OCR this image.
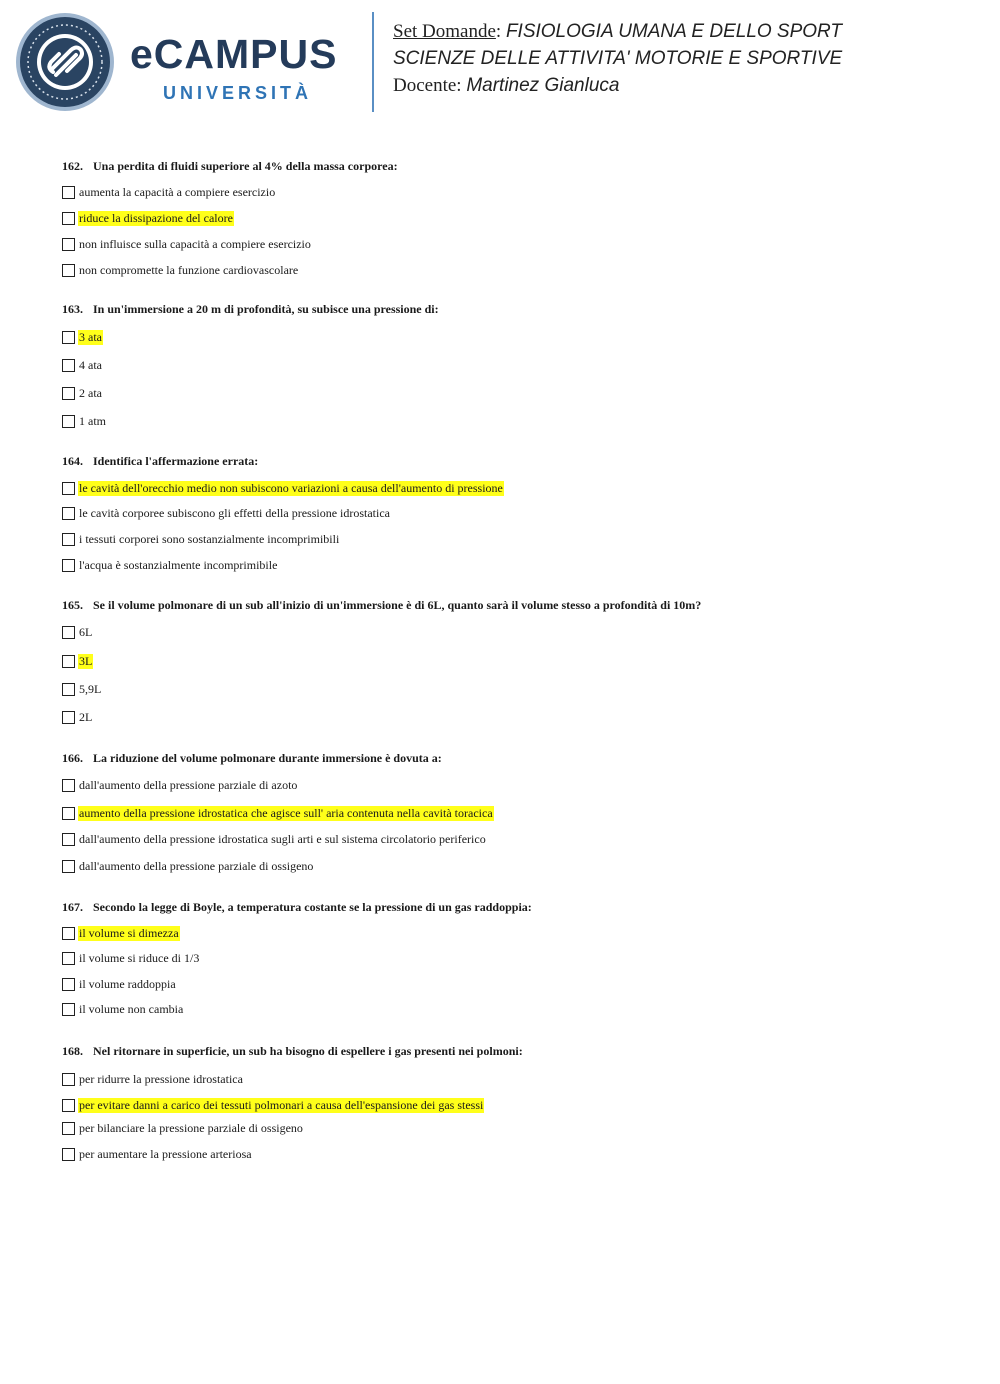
eCAMPUS
UNIVERSITÀ
Set Domande: FISIOLOGIA UMANA E DELLO SPORT
SCIENZE DELLE ATTIVITA' MOTORIE E SPORTIVE
Docente: Martinez Gianluca
162. Una perdita di fluidi superiore al 4% della massa corporea:
aumenta la capacità a compiere esercizio
riduce la dissipazione del calore
non influisce sulla capacità a compiere esercizio
non compromette la funzione cardiovascolare
163. In un'immersione a 20 m di profondità, su subisce una pressione di:
3 ata
4 ata
2 ata
1 atm
164. Identifica l'affermazione errata:
le cavità dell'orecchio medio non subiscono variazioni a causa dell'aumento di pressione
le cavità corporee subiscono gli effetti della pressione idrostatica
i tessuti corporei sono sostanzialmente incomprimibili
l'acqua è sostanzialmente incomprimibile
165. Se il volume polmonare di un sub all'inizio di un'immersione è di 6L, quanto sarà il volume stesso a profondità di 10m?
6L
3L
5,9L
2L
166. La riduzione del volume polmonare durante immersione è dovuta a:
dall'aumento della pressione parziale di azoto
aumento della pressione idrostatica che agisce sull' aria contenuta nella cavità toracica
dall'aumento della pressione idrostatica sugli arti e sul sistema circolatorio periferico
dall'aumento della pressione parziale di ossigeno
167. Secondo la legge di Boyle, a temperatura costante se la pressione di un gas raddoppia:
il volume si dimezza
il volume si riduce di 1/3
il volume raddoppia
il volume non cambia
168. Nel ritornare in superficie, un sub ha bisogno di espellere i gas presenti nei polmoni:
per ridurre la pressione idrostatica
per evitare danni a carico dei tessuti polmonari a causa dell'espansione dei gas stessi
per bilanciare la pressione parziale di ossigeno
per aumentare la pressione arteriosa
